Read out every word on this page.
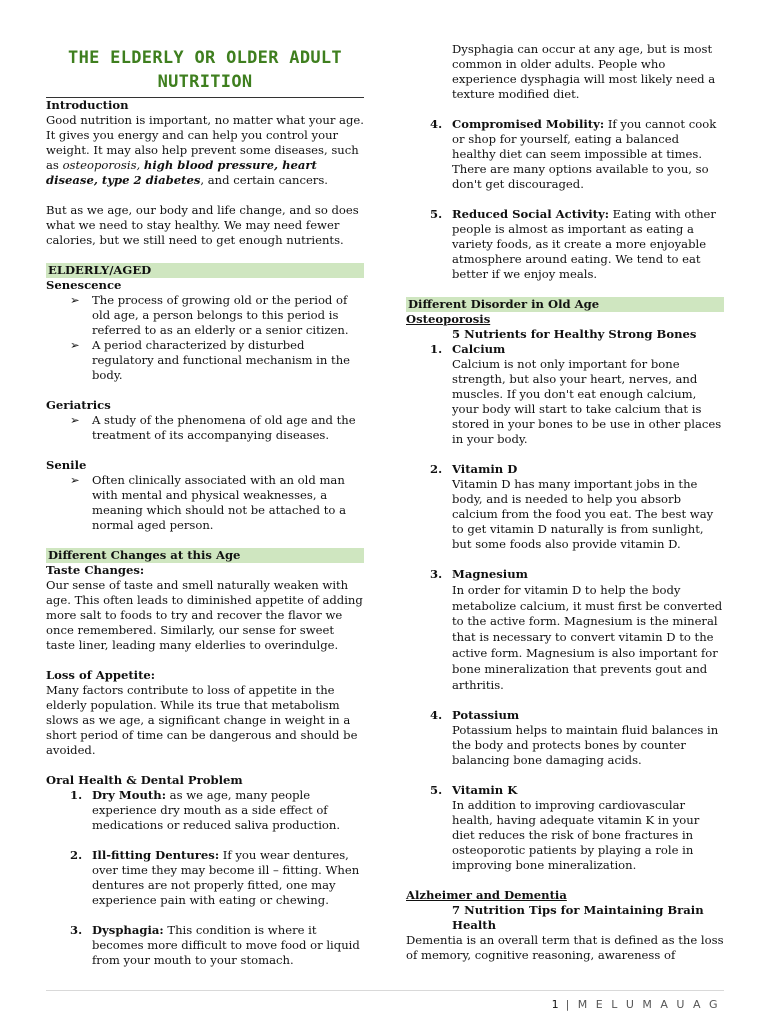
THE ELDERLY OR OLDER ADULT NUTRITION

Introduction

Good nutrition is important, no matter what your age. It gives you energy and can help you control your weight. It may also help prevent some diseases, such as osteoporosis, high blood pressure, heart disease, type 2 diabetes, and certain cancers.

But as we age, our body and life change, and so does what we need to stay healthy. We may need fewer calories, but we still need to get enough nutrients.

ELDERLY/AGED

Senescence

➢ The process of growing old or the period of old age, a person belongs to this period is referred to as an elderly or a senior citizen.
➢ A period characterized by disturbed regulatory and functional mechanism in the body.

Geriatrics

➢ A study of the phenomena of old age and the treatment of its accompanying diseases.

Senile

➢ Often clinically associated with an old man with mental and physical weaknesses, a meaning which should not be attached to a normal aged person.

Different Changes at this Age

Taste Changes:

Our sense of taste and smell naturally weaken with age. This often leads to diminished appetite of adding more salt to foods to try and recover the flavor we once remembered. Similarly, our sense for sweet taste liner, leading many elderlies to overindulge.

Loss of Appetite:

Many factors contribute to loss of appetite in the elderly population. While its true that metabolism slows as we age, a significant change in weight in a short period of time can be dangerous and should be avoided.

Oral Health & Dental Problem

1. Dry Mouth: as we age, many people experience dry mouth as a side effect of medications or reduced saliva production.
2. Ill-fitting Dentures: If you wear dentures, over time they may become ill – fitting. When dentures are not properly fitted, one may experience pain with eating or chewing.
3. Dysphagia: This condition is where it becomes more difficult to move food or liquid from your mouth to your stomach.

Dysphagia can occur at any age, but is most common in older adults. People who experience dysphagia will most likely need a texture modified diet.

4. Compromised Mobility: If you cannot cook or shop for yourself, eating a balanced healthy diet can seem impossible at times. There are many options available to you, so don't get discouraged.
5. Reduced Social Activity: Eating with other people is almost as important as eating a variety foods, as it create a more enjoyable atmosphere around eating. We tend to eat better if we enjoy meals.

Different Disorder in Old Age

Osteoporosis

5 Nutrients for Healthy Strong Bones

1. Calcium

Calcium is not only important for bone strength, but also your heart, nerves, and muscles. If you don't eat enough calcium, your body will start to take calcium that is stored in your bones to be use in other places in your body.

2. Vitamin D

Vitamin D has many important jobs in the body, and is needed to help you absorb calcium from the food you eat. The best way to get vitamin D naturally is from sunlight, but some foods also provide vitamin D.

3. Magnesium

In order for vitamin D to help the body metabolize calcium, it must first be converted to the active form. Magnesium is the mineral that is necessary to convert vitamin D to the active form. Magnesium is also important for bone mineralization that prevents gout and arthritis.

4. Potassium

Potassium helps to maintain fluid balances in the body and protects bones by counter balancing bone damaging acids.

5. Vitamin K

In addition to improving cardiovascular health, having adequate vitamin K in your diet reduces the risk of bone fractures in osteoporotic patients by playing a role in improving bone mineralization.

Alzheimer and Dementia

7 Nutrition Tips for Maintaining Brain Health

Dementia is an overall term that is defined as the loss of memory, cognitive reasoning, awareness of

1 | M E L U M A U A G
